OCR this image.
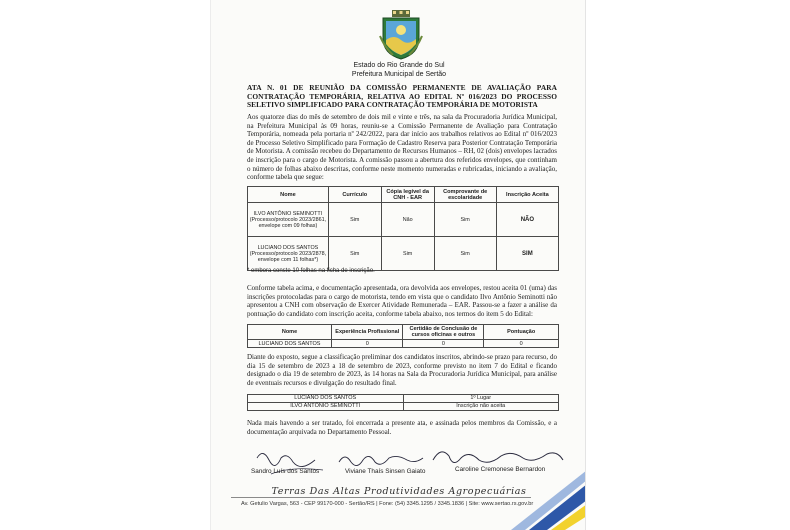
Estado do Rio Grande do Sul
Prefeitura Municipal de Sertão
ATA N. 01 DE REUNIÃO DA COMISSÃO PERMANENTE DE AVALIAÇÃO PARA CONTRATAÇÃO TEMPORÁRIA, RELATIVA AO EDITAL Nº 016/2023 DO PROCESSO SELETIVO SIMPLIFICADO PARA CONTRATAÇÃO TEMPORÁRIA DE MOTORISTA
Aos quatorze dias do mês de setembro de dois mil e vinte e três, na sala da Procuradoria Jurídica Municipal, na Prefeitura Municipal às 09 horas, reuniu-se a Comissão Permanente de Avaliação para Contratação Temporária, nomeada pela portaria nº 242/2022, para dar início aos trabalhos relativos ao Edital nº 016/2023 de Processo Seletivo Simplificado para Formação de Cadastro Reserva para Posterior Contratação Temporária de Motorista. A comissão recebeu do Departamento de Recursos Humanos – RH, 02 (dois) envelopes lacrados de inscrição para o cargo de Motorista. A comissão passou a abertura dos referidos envelopes, que continham o número de folhas abaixo descritas, conforme neste momento numeradas e rubricadas, iniciando a avaliação, conforme tabela que segue:
Nome	Currículo	Cópia legível da CNH - EAR	Comprovante de escolaridade	Inscrição Aceita

ILVO ANTÔNIO SEMINOTTI
(Processo/protocolo 2023/2861, envelope com 09 folhas)	Sim	Não	Sim	NÃO

LUCIANO DOS SANTOS
(Processo/protocolo 2023/2878, envelope com 11 folhas*)	Sim	Sim	Sim	SIM
* embora conste 10 folhas na ficha de inscrição.
Conforme tabela acima, e documentação apresentada, ora devolvida aos envelopes, restou aceita 01 (uma) das inscrições protocoladas para o cargo de motorista, tendo em vista que o candidato Ilvo Antônio Seminotti não apresentou a CNH com observação de Exercer Atividade Remunerada – EAR. Passou-se a fazer a análise da pontuação do candidato com inscrição aceita, conforme tabela abaixo, nos termos do item 5 do Edital:
Nome	Experiência Profissional	Certidão de Conclusão de cursos oficinas e outros	Pontuação
LUCIANO DOS SANTOS	0	0	0
Diante do exposto, segue a classificação preliminar dos candidatos inscritos, abrindo-se prazo para recurso, do dia 15 de setembro de 2023 a 18 de setembro de 2023, conforme previsto no item 7 do Edital e ficando designado o dia 19 de setembro de 2023, às 14 horas na Sala da Procuradoria Jurídica Municipal, para análise de eventuais recursos e divulgação do resultado final.
LUCIANO DOS SANTOS	1º Lugar
ILVO ANTÔNIO SEMINOTTI	Inscrição não aceita
Nada mais havendo a ser tratado, foi encerrada a presente ata, e assinada pelos membros da Comissão, e a documentação arquivada no Departamento Pessoal.
Sandro Luís dos Santos	Viviane Thaís Sinsen Gaiato	Caroline Cremonese Bernardon
Terras Das Altas Produtividades Agropecuárias
Av. Getulio Vargas, 563 - CEP 99170-000 - Sertão/RS | Fone: (54) 3345.1295 / 3345.1836 | Site: www.sertao.rs.gov.br
